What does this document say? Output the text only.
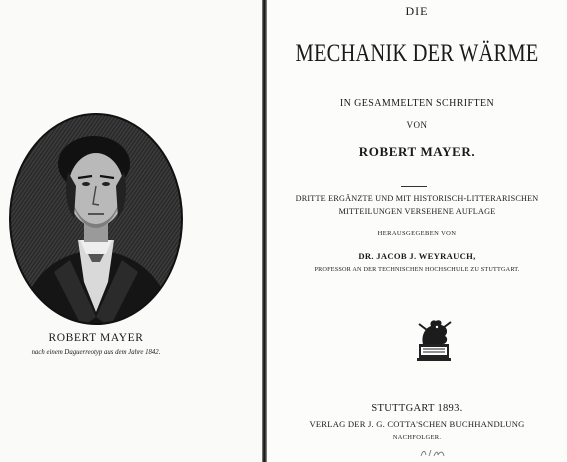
ROBERT MAYER
nach einem Daguerreotyp aus dem Jahre 1842.
DIE
MECHANIK DER WÄRME
IN GESAMMELTEN SCHRIFTEN
VON
ROBERT MAYER.
DRITTE ERGÄNZTE UND MIT HISTORISCH-LITTERARISCHEN
MITTEILUNGEN VERSEHENE AUFLAGE
HERAUSGEGEBEN VON
DR. JACOB J. WEYRAUCH,
PROFESSOR AN DER TECHNISCHEN HOCHSCHULE ZU STUTTGART.
STUTTGART 1893.
VERLAG DER J. G. COTTA'SCHEN BUCHHANDLUNG
NACHFOLGER.
